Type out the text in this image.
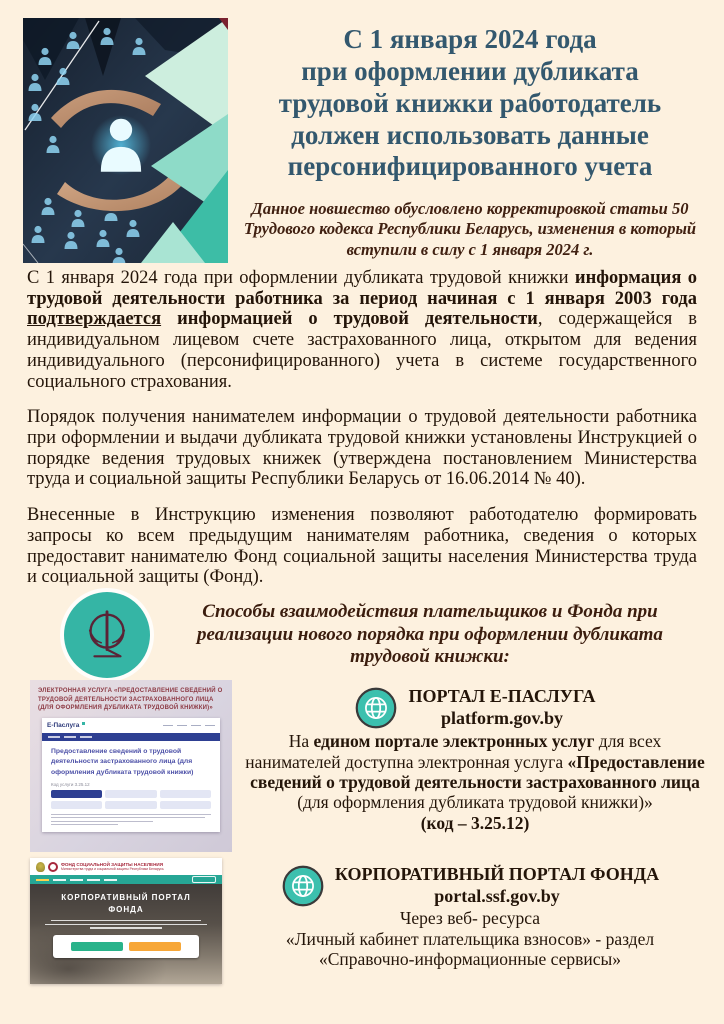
С 1 января 2024 года
при оформлении дубликата
трудовой книжки работодатель
должен использовать данные
персонифицированного учета
Данное новшество обусловлено корректировкой статьи 50 Трудового кодекса Республики Беларусь, изменения в который вступили в силу с 1 января 2024 г.

С 1 января 2024 года при оформлении дубликата трудовой книжки информация о трудовой деятельности работника за период начиная с 1 января 2003 года подтверждается информацией о трудовой деятельности, содержащейся в индивидуальном лицевом счете застрахованного лица, открытом для ведения индивидуального (персонифицированного) учета в системе государственного социального страхования.

Порядок получения нанимателем информации о трудовой деятельности работника при оформлении и выдачи дубликата трудовой книжки установлены Инструкцией о порядке ведения трудовых книжек (утверждена постановлением Министерства труда и социальной защиты Республики Беларусь от 16.06.2014 № 40).

Внесенные в Инструкцию изменения позволяют работодателю формировать запросы ко всем предыдущим нанимателям работника, сведения о которых предоставит нанимателю Фонд социальной защиты населения Министерства труда и социальной защиты (Фонд).

Способы взаимодействия плательщиков и Фонда при реализации нового порядка при оформлении дубликата трудовой книжки:
ЭЛЕКТРОННАЯ УСЛУГА «ПРЕДОСТАВЛЕНИЕ СВЕДЕНИЙ О ТРУДОВОЙ ДЕЯТЕЛЬНОСТИ ЗАСТРАХОВАННОГО ЛИЦА (ДЛЯ ОФОРМЛЕНИЯ ДУБЛИКАТА ТРУДОВОЙ КНИЖКИ)»
Е-Паслуга
Предоставление сведений о трудовой деятельности застрахованного лица (для оформления дубликата трудовой книжки)
Код услуги 3.25.12
ПОРТАЛ Е-ПАСЛУГА
platform.gov.by
На едином портале электронных услуг для всех нанимателей доступна электронная услуга «Предоставление сведений о трудовой деятельности застрахованного лица (для оформления дубликата трудовой книжки)»
(код – 3.25.12)
ФОНД СОЦИАЛЬНОЙ ЗАЩИТЫ НАСЕЛЕНИЯ
Министерства труда и социальной защиты Республики Беларусь
КОРПОРАТИВНЫЙ ПОРТАЛ
ФОНДА
КОРПОРАТИВНЫЙ ПОРТАЛ ФОНДА
portal.ssf.gov.by
Через веб- ресурса
«Личный кабинет плательщика взносов» - раздел
«Справочно-информационные сервисы»
